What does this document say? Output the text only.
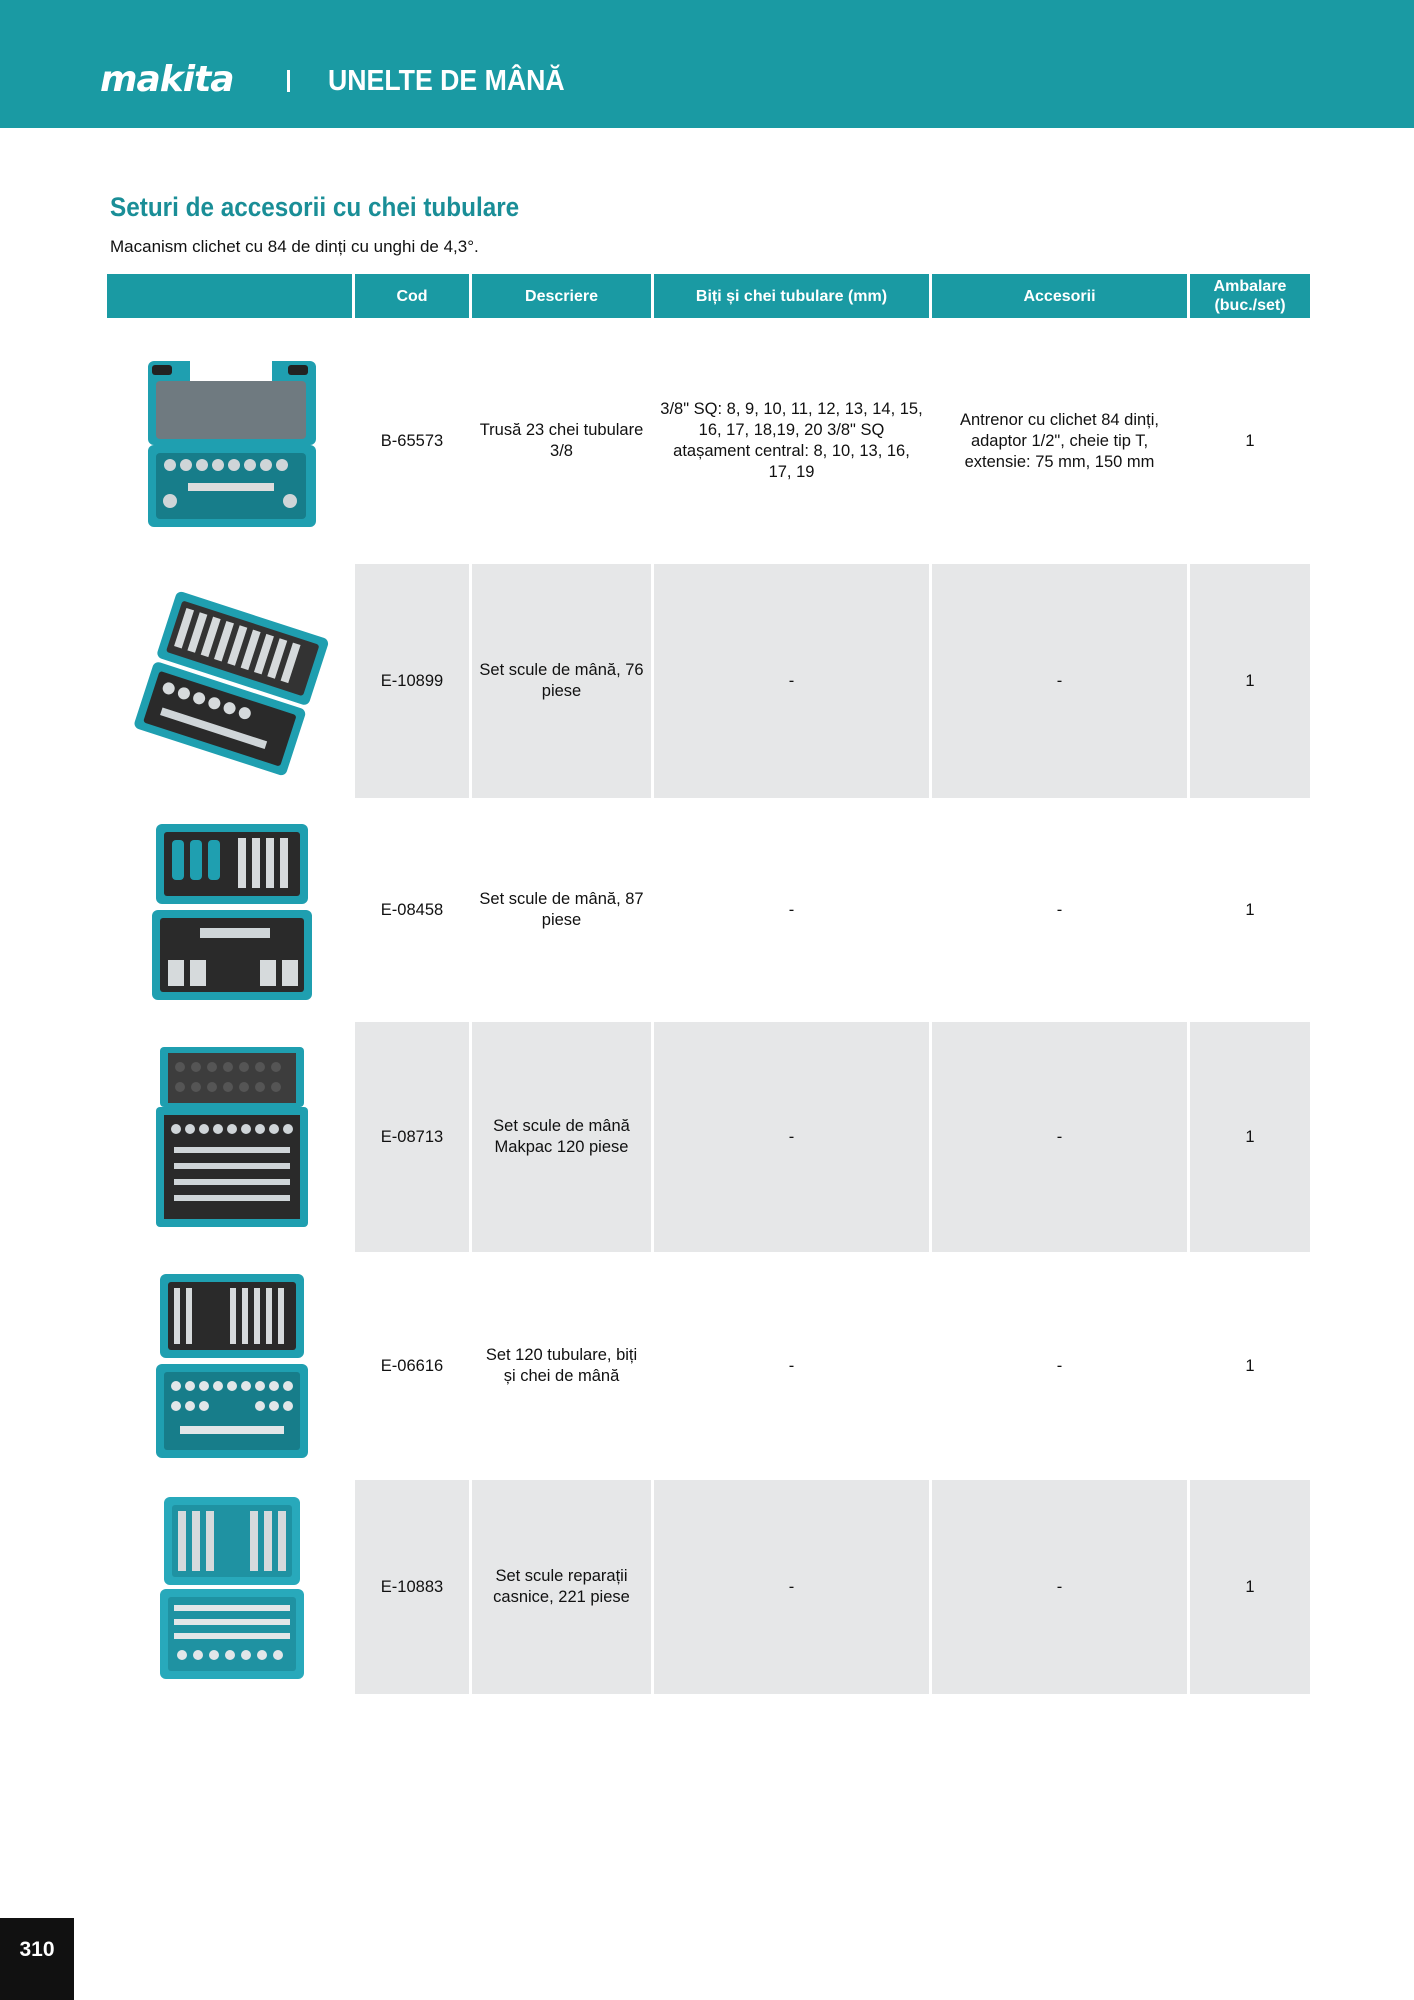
makita	UNELTE DE MÂNĂ
Seturi de accesorii cu chei tubulare
Macanism clichet cu 84 de dinți cu unghi de 4,3°.
	Cod	Descriere	Biți și chei tubulare (mm)	Accesorii	Ambalare (buc./set)

	B-65573	Trusă 23 chei tubulare 3/8	3/8" SQ: 8, 9, 10, 11, 12, 13, 14, 15, 16, 17, 18,19, 20 3/8" SQ atașament central: 8, 10, 13, 16, 17, 19	Antrenor cu clichet 84 dinți, adaptor 1/2", cheie tip T, extensie: 75 mm, 150 mm	1

	E-10899	Set scule de mână, 76 piese	-	-	1

	E-08458	Set scule de mână, 87 piese	-	-	1

	E-08713	Set scule de mână Makpac 120 piese	-	-	1

	E-06616	Set 120 tubulare, biți și chei de mână	-	-	1

	E-10883	Set scule reparații casnice, 221 piese	-	-	1
310
